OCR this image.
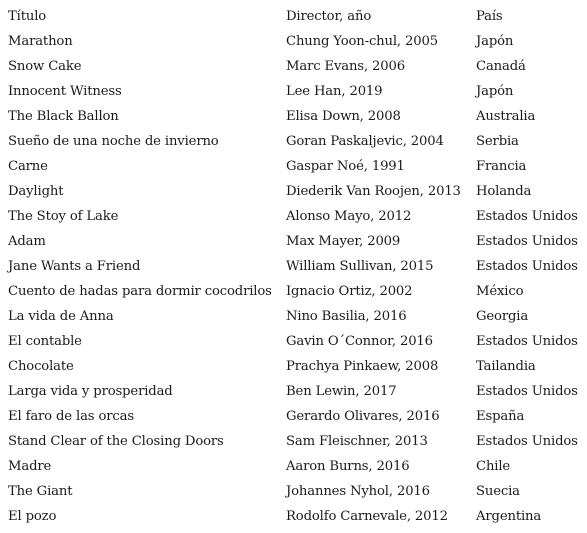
Título	Director, año	País
Marathon	Chung Yoon-chul, 2005	Japón
Snow Cake	Marc Evans, 2006	Canadá
Innocent Witness	Lee Han, 2019	Japón
The Black Ballon	Elisa Down, 2008	Australia
Sueño de una noche de invierno	Goran Paskaljevic, 2004	Serbia
Carne	Gaspar Noé, 1991	Francia
Daylight	Diederik Van Roojen, 2013	Holanda
The Stoy of Lake	Alonso Mayo, 2012	Estados Unidos
Adam	Max Mayer, 2009	Estados Unidos
Jane Wants a Friend	William Sullivan, 2015	Estados Unidos
Cuento de hadas para dormir cocodrilos	Ignacio Ortiz, 2002	México
La vida de Anna	Nino Basilia, 2016	Georgia
El contable	Gavin O´Connor, 2016	Estados Unidos
Chocolate	Prachya Pinkaew, 2008	Tailandia
Larga vida y prosperidad	Ben Lewin, 2017	Estados Unidos
El faro de las orcas	Gerardo Olivares, 2016	España
Stand Clear of the Closing Doors	Sam Fleischner, 2013	Estados Unidos
Madre	Aaron Burns, 2016	Chile
The Giant	Johannes Nyhol, 2016	Suecia
El pozo	Rodolfo Carnevale, 2012	Argentina
